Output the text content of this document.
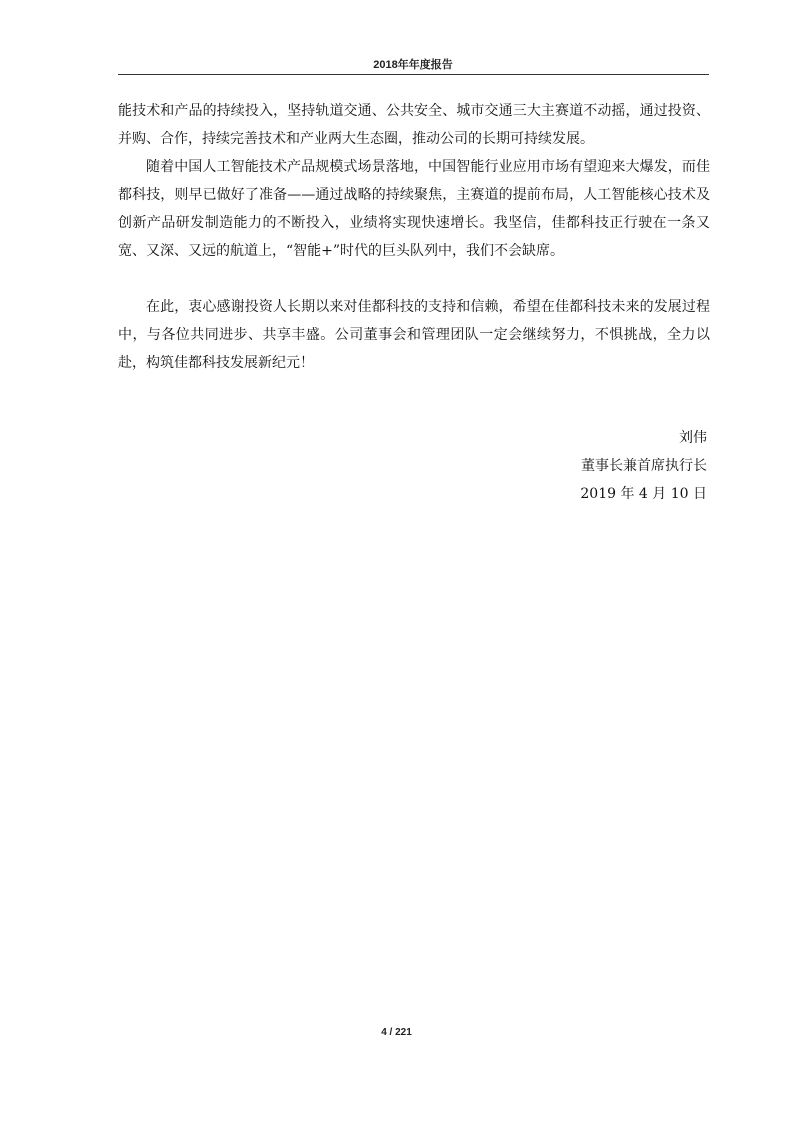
2018年年度报告

能技术和产品的持续投入，坚持轨道交通、公共安全、城市交通三大主赛道不动摇，通过投资、并购、合作，持续完善技术和产业两大生态圈，推动公司的长期可持续发展。

随着中国人工智能技术产品规模式场景落地，中国智能行业应用市场有望迎来大爆发，而佳都科技，则早已做好了准备——通过战略的持续聚焦，主赛道的提前布局，人工智能核心技术及创新产品研发制造能力的不断投入，业绩将实现快速增长。我坚信，佳都科技正行驶在一条又宽、又深、又远的航道上，“智能+”时代的巨头队列中，我们不会缺席。

在此，衷心感谢投资人长期以来对佳都科技的支持和信赖，希望在佳都科技未来的发展过程中，与各位共同进步、共享丰盛。公司董事会和管理团队一定会继续努力，不惧挑战，全力以赴，构筑佳都科技发展新纪元！

刘伟
董事长兼首席执行长
2019 年 4 月 10 日
4 / 221
